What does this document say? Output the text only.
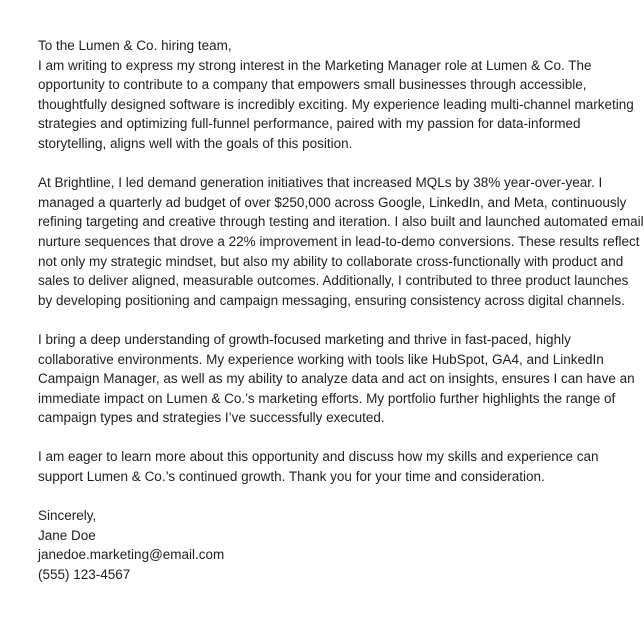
To the Lumen & Co. hiring team,
I am writing to express my strong interest in the Marketing Manager role at Lumen & Co. The
opportunity to contribute to a company that empowers small businesses through accessible,
thoughtfully designed software is incredibly exciting. My experience leading multi-channel marketing
strategies and optimizing full-funnel performance, paired with my passion for data-informed
storytelling, aligns well with the goals of this position.
At Brightline, I led demand generation initiatives that increased MQLs by 38% year-over-year. I
managed a quarterly ad budget of over $250,000 across Google, LinkedIn, and Meta, continuously
refining targeting and creative through testing and iteration. I also built and launched automated email
nurture sequences that drove a 22% improvement in lead-to-demo conversions. These results reflect
not only my strategic mindset, but also my ability to collaborate cross-functionally with product and
sales to deliver aligned, measurable outcomes. Additionally, I contributed to three product launches
by developing positioning and campaign messaging, ensuring consistency across digital channels.
I bring a deep understanding of growth-focused marketing and thrive in fast-paced, highly
collaborative environments. My experience working with tools like HubSpot, GA4, and LinkedIn
Campaign Manager, as well as my ability to analyze data and act on insights, ensures I can have an
immediate impact on Lumen & Co.’s marketing efforts. My portfolio further highlights the range of
campaign types and strategies I’ve successfully executed.
I am eager to learn more about this opportunity and discuss how my skills and experience can
support Lumen & Co.’s continued growth. Thank you for your time and consideration.
Sincerely,
Jane Doe
janedoe.marketing@email.com
(555) 123-4567
